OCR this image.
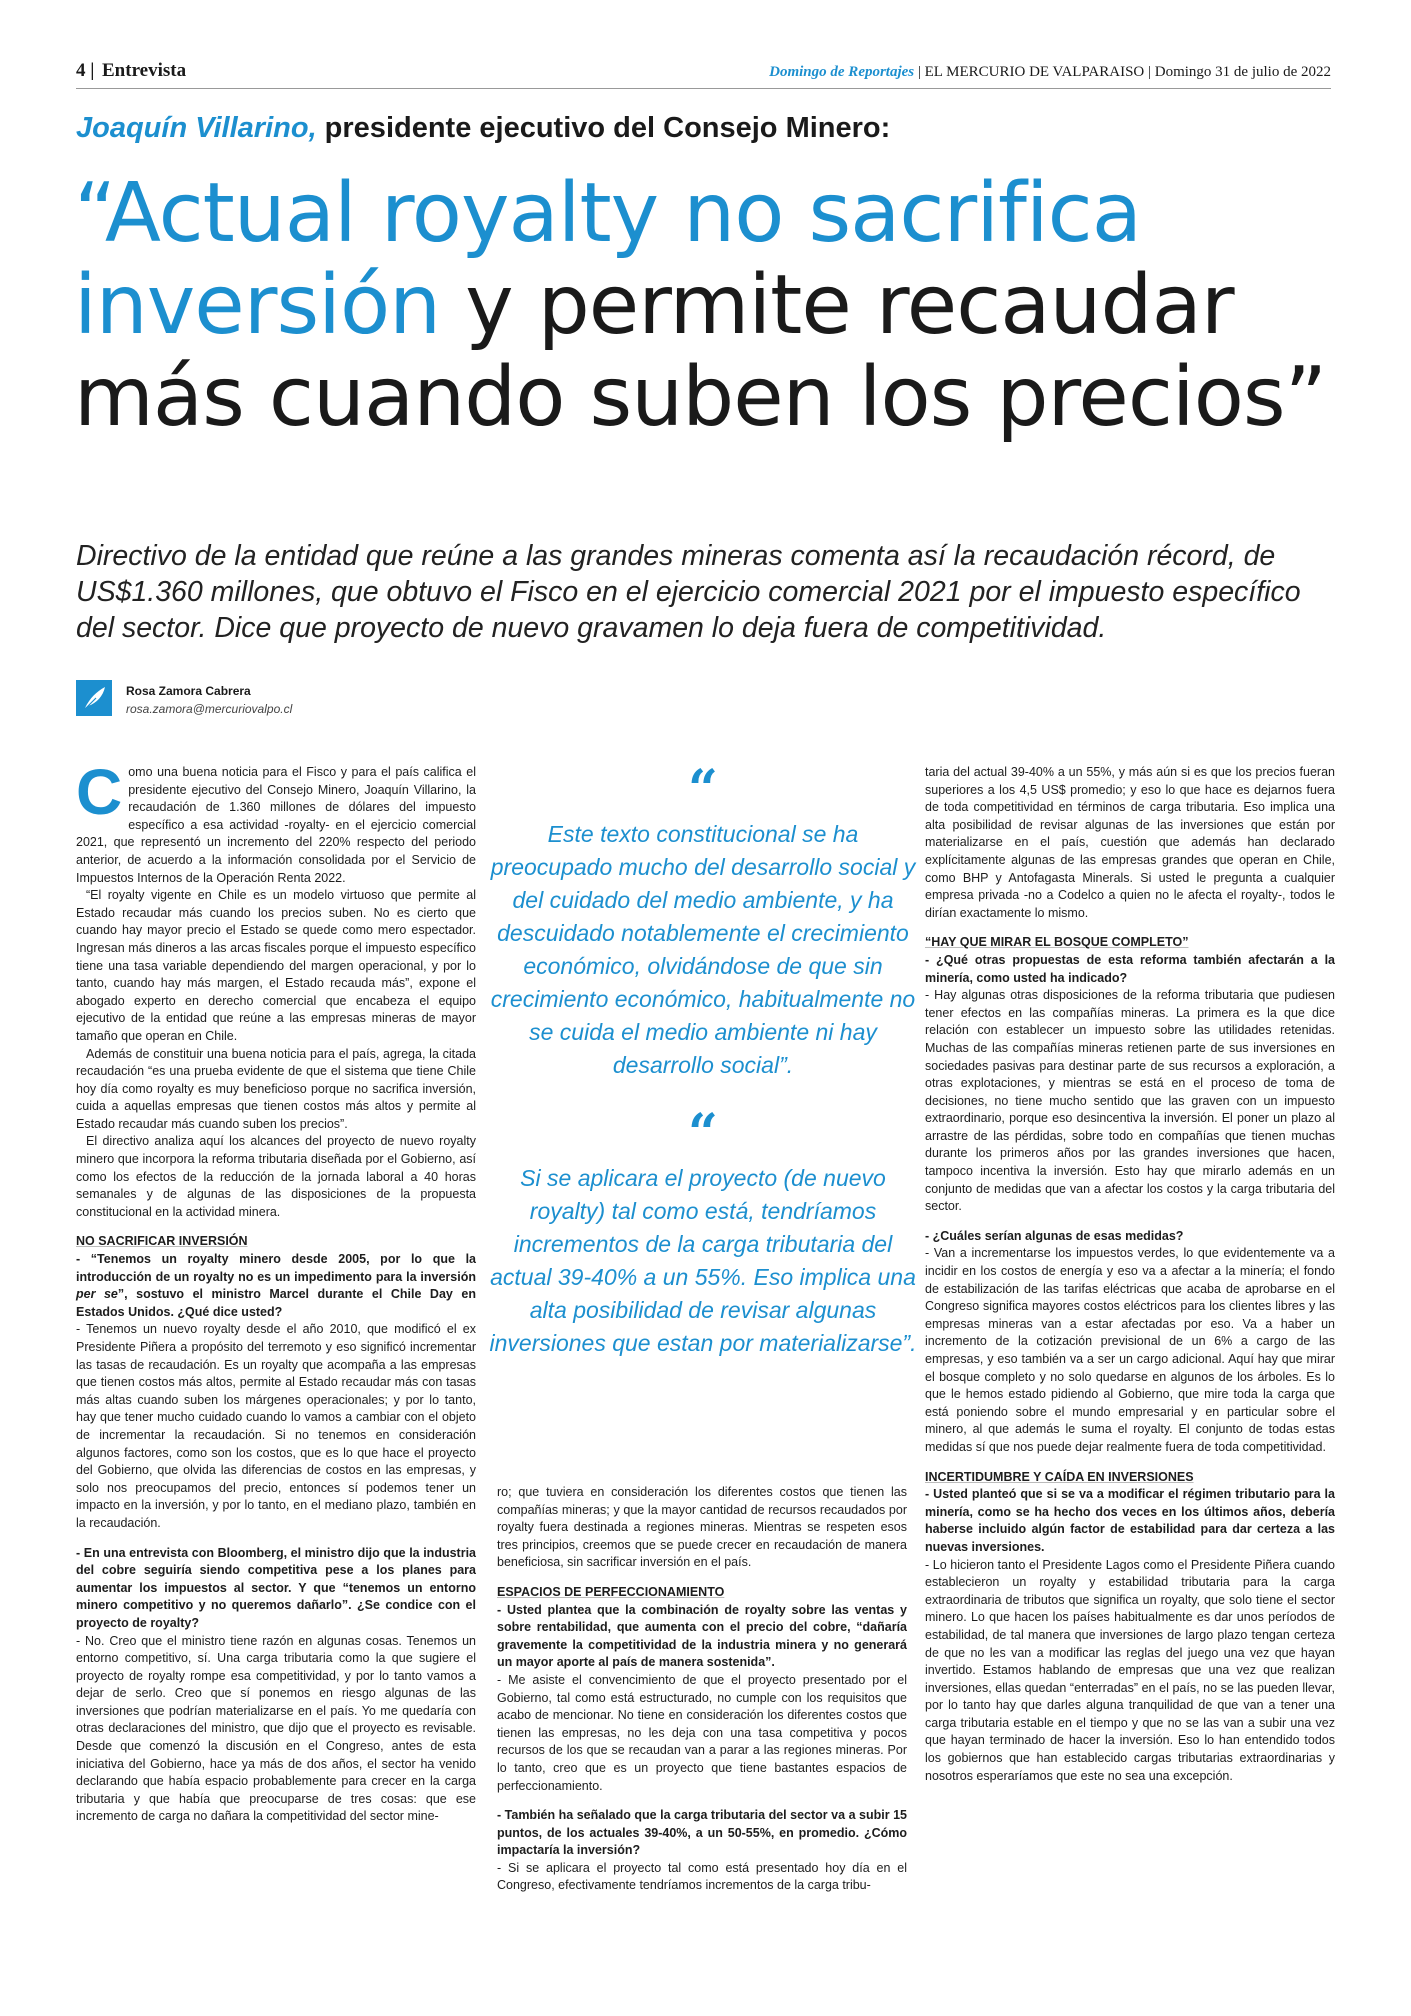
4 | Entrevista	Domingo de Reportajes | EL MERCURIO DE VALPARAISO | Domingo 31 de julio de 2022
Joaquín Villarino, presidente ejecutivo del Consejo Minero:
“Actual royalty no sacrifica inversión y permite recaudar más cuando suben los precios”
Directivo de la entidad que reúne a las grandes mineras comenta así la recaudación récord, de US$1.360 millones, que obtuvo el Fisco en el ejercicio comercial 2021 por el impuesto específico del sector. Dice que proyecto de nuevo gravamen lo deja fuera de competitividad.
Rosa Zamora Cabrera
rosa.zamora@mercuriovalpo.cl

Como una buena noticia para el Fisco y para el país califica el presidente ejecutivo del Consejo Minero, Joaquín Villarino, la recaudación de 1.360 millones de dólares del impuesto específico a esa actividad -royalty- en el ejercicio comercial 2021, que representó un incremento del 220% respecto del periodo anterior, de acuerdo a la información consolidada por el Servicio de Impuestos Internos de la Operación Renta 2022.

“El royalty vigente en Chile es un modelo virtuoso que permite al Estado recaudar más cuando los precios suben. No es cierto que cuando hay mayor precio el Estado se quede como mero espectador. Ingresan más dineros a las arcas fiscales porque el impuesto específico tiene una tasa variable dependiendo del margen operacional, y por lo tanto, cuando hay más margen, el Estado recauda más”, expone el abogado experto en derecho comercial que encabeza el equipo ejecutivo de la entidad que reúne a las empresas mineras de mayor tamaño que operan en Chile.

Además de constituir una buena noticia para el país, agrega, la citada recaudación “es una prueba evidente de que el sistema que tiene Chile hoy día como royalty es muy beneficioso porque no sacrifica inversión, cuida a aquellas empresas que tienen costos más altos y permite al Estado recaudar más cuando suben los precios”.

El directivo analiza aquí los alcances del proyecto de nuevo royalty minero que incorpora la reforma tributaria diseñada por el Gobierno, así como los efectos de la reducción de la jornada laboral a 40 horas semanales y de algunas de las disposiciones de la propuesta constitucional en la actividad minera.

NO SACRIFICAR INVERSIÓN

- “Tenemos un royalty minero desde 2005, por lo que la introducción de un royalty no es un impedimento para la inversión per se”, sostuvo el ministro Marcel durante el Chile Day en Estados Unidos. ¿Qué dice usted?

- Tenemos un nuevo royalty desde el año 2010, que modificó el ex Presidente Piñera a propósito del terremoto y eso significó incrementar las tasas de recaudación. Es un royalty que acompaña a las empresas que tienen costos más altos, permite al Estado recaudar más con tasas más altas cuando suben los márgenes operacionales; y por lo tanto, hay que tener mucho cuidado cuando lo vamos a cambiar con el objeto de incrementar la recaudación. Si no tenemos en consideración algunos factores, como son los costos, que es lo que hace el proyecto del Gobierno, que olvida las diferencias de costos en las empresas, y solo nos preocupamos del precio, entonces sí podemos tener un impacto en la inversión, y por lo tanto, en el mediano plazo, también en la recaudación.

- En una entrevista con Bloomberg, el ministro dijo que la industria del cobre seguiría siendo competitiva pese a los planes para aumentar los impuestos al sector. Y que “tenemos un entorno minero competitivo y no queremos dañarlo”. ¿Se condice con el proyecto de royalty?

- No. Creo que el ministro tiene razón en algunas cosas. Tenemos un entorno competitivo, sí. Una carga tributaria como la que sugiere el proyecto de royalty rompe esa competitividad, y por lo tanto vamos a dejar de serlo. Creo que sí ponemos en riesgo algunas de las inversiones que podrían materializarse en el país. Yo me quedaría con otras declaraciones del ministro, que dijo que el proyecto es revisable. Desde que comenzó la discusión en el Congreso, antes de esta iniciativa del Gobierno, hace ya más de dos años, el sector ha venido declarando que había espacio probablemente para crecer en la carga tributaria y que había que preocuparse de tres cosas: que ese incremento de carga no dañara la competitividad del sector mine-

“

Este texto constitucional se ha preocupado mucho del desarrollo social y del cuidado del medio ambiente, y ha descuidado notablemente el crecimiento económico, olvidándose de que sin crecimiento económico, habitualmente no se cuida el medio ambiente ni hay desarrollo social”.

“

Si se aplicara el proyecto (de nuevo royalty) tal como está, tendríamos incrementos de la carga tributaria del actual 39-40% a un 55%. Eso implica una alta posibilidad de revisar algunas inversiones que estan por materializarse”.

ro; que tuviera en consideración los diferentes costos que tienen las compañías mineras; y que la mayor cantidad de recursos recaudados por royalty fuera destinada a regiones mineras. Mientras se respeten esos tres principios, creemos que se puede crecer en recaudación de manera beneficiosa, sin sacrificar inversión en el país.

ESPACIOS DE PERFECCIONAMIENTO

- Usted plantea que la combinación de royalty sobre las ventas y sobre rentabilidad, que aumenta con el precio del cobre, “dañaría gravemente la competitividad de la industria minera y no generará un mayor aporte al país de manera sostenida”.

- Me asiste el convencimiento de que el proyecto presentado por el Gobierno, tal como está estructurado, no cumple con los requisitos que acabo de mencionar. No tiene en consideración los diferentes costos que tienen las empresas, no les deja con una tasa competitiva y pocos recursos de los que se recaudan van a parar a las regiones mineras. Por lo tanto, creo que es un proyecto que tiene bastantes espacios de perfeccionamiento.

- También ha señalado que la carga tributaria del sector va a subir 15 puntos, de los actuales 39-40%, a un 50-55%, en promedio. ¿Cómo impactaría la inversión?

- Si se aplicara el proyecto tal como está presentado hoy día en el Congreso, efectivamente tendríamos incrementos de la carga tribu-

taria del actual 39-40% a un 55%, y más aún si es que los precios fueran superiores a los 4,5 US$ promedio; y eso lo que hace es dejarnos fuera de toda competitividad en términos de carga tributaria. Eso implica una alta posibilidad de revisar algunas de las inversiones que están por materializarse en el país, cuestión que además han declarado explícitamente algunas de las empresas grandes que operan en Chile, como BHP y Antofagasta Minerals. Si usted le pregunta a cualquier empresa privada -no a Codelco a quien no le afecta el royalty-, todos le dirían exactamente lo mismo.

“HAY QUE MIRAR EL BOSQUE COMPLETO”

- ¿Qué otras propuestas de esta reforma también afectarán a la minería, como usted ha indicado?

- Hay algunas otras disposiciones de la reforma tributaria que pudiesen tener efectos en las compañías mineras. La primera es la que dice relación con establecer un impuesto sobre las utilidades retenidas. Muchas de las compañías mineras retienen parte de sus inversiones en sociedades pasivas para destinar parte de sus recursos a exploración, a otras explotaciones, y mientras se está en el proceso de toma de decisiones, no tiene mucho sentido que las graven con un impuesto extraordinario, porque eso desincentiva la inversión. El poner un plazo al arrastre de las pérdidas, sobre todo en compañías que tienen muchas durante los primeros años por las grandes inversiones que hacen, tampoco incentiva la inversión. Esto hay que mirarlo además en un conjunto de medidas que van a afectar los costos y la carga tributaria del sector.

- ¿Cuáles serían algunas de esas medidas?

- Van a incrementarse los impuestos verdes, lo que evidentemente va a incidir en los costos de energía y eso va a afectar a la minería; el fondo de estabilización de las tarifas eléctricas que acaba de aprobarse en el Congreso significa mayores costos eléctricos para los clientes libres y las empresas mineras van a estar afectadas por eso. Va a haber un incremento de la cotización previsional de un 6% a cargo de las empresas, y eso también va a ser un cargo adicional. Aquí hay que mirar el bosque completo y no solo quedarse en algunos de los árboles. Es lo que le hemos estado pidiendo al Gobierno, que mire toda la carga que está poniendo sobre el mundo empresarial y en particular sobre el minero, al que además le suma el royalty. El conjunto de todas estas medidas sí que nos puede dejar realmente fuera de toda competitividad.

INCERTIDUMBRE Y CAÍDA EN INVERSIONES

- Usted planteó que si se va a modificar el régimen tributario para la minería, como se ha hecho dos veces en los últimos años, debería haberse incluido algún factor de estabilidad para dar certeza a las nuevas inversiones.

- Lo hicieron tanto el Presidente Lagos como el Presidente Piñera cuando establecieron un royalty y estabilidad tributaria para la carga extraordinaria de tributos que significa un royalty, que solo tiene el sector minero. Lo que hacen los países habitualmente es dar unos períodos de estabilidad, de tal manera que inversiones de largo plazo tengan certeza de que no les van a modificar las reglas del juego una vez que hayan invertido. Estamos hablando de empresas que una vez que realizan inversiones, ellas quedan “enterradas” en el país, no se las pueden llevar, por lo tanto hay que darles alguna tranquilidad de que van a tener una carga tributaria estable en el tiempo y que no se las van a subir una vez que hayan terminado de hacer la inversión. Eso lo han entendido todos los gobiernos que han establecido cargas tributarias extraordinarias y nosotros esperaríamos que este no sea una excepción.
